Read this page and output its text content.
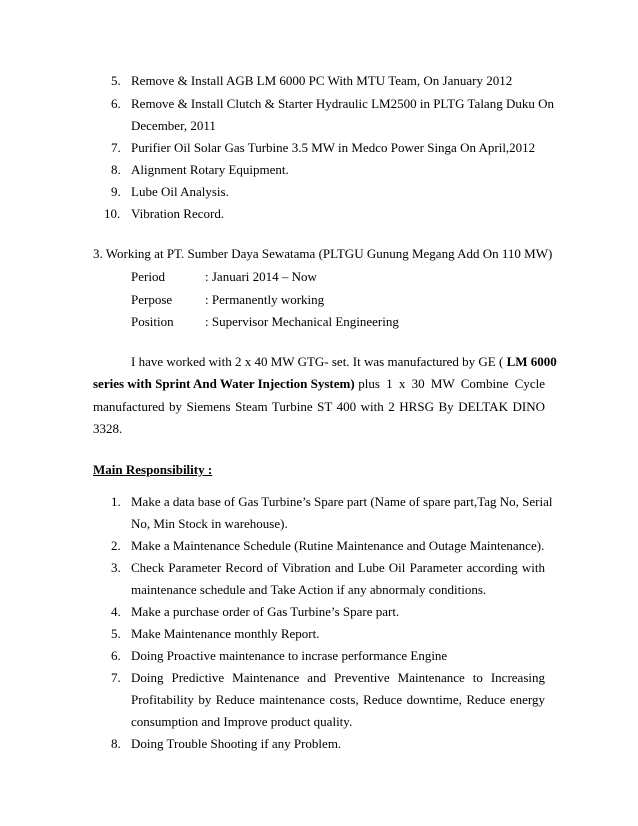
5. Remove & Install AGB LM 6000 PC With MTU Team, On January 2012
6. Remove & Install Clutch & Starter Hydraulic LM2500 in PLTG Talang Duku On
December, 2011
7. Purifier Oil Solar Gas Turbine 3.5 MW in Medco Power Singa On April,2012
8. Alignment Rotary Equipment.
9. Lube Oil Analysis.
10. Vibration Record.
3. Working at PT. Sumber Daya Sewatama (PLTGU Gunung Megang Add On 110 MW)
Period	: Januari 2014 – Now
Perpose	: Permanently working
Position : Supervisor Mechanical Engineering
I have worked with 2 x 40 MW GTG- set. It was manufactured by GE ( LM 6000
series with Sprint And Water Injection System) plus 1 x 30 MW Combine Cycle
manufactured by Siemens Steam Turbine ST 400 with 2 HRSG By DELTAK DINO
3328.
Main Responsibility :
1. Make a data base of Gas Turbine’s Spare part (Name of spare part,Tag No, Serial
No, Min Stock in warehouse).
2. Make a Maintenance Schedule (Rutine Maintenance and Outage Maintenance).
3. Check Parameter Record of Vibration and Lube Oil Parameter according with
maintenance schedule and Take Action if any abnormaly conditions.
4. Make a purchase order of Gas Turbine’s Spare part.
5. Make Maintenance monthly Report.
6. Doing Proactive maintenance to incrase performance Engine
7. Doing Predictive Maintenance and Preventive Maintenance to Increasing
Profitability by Reduce maintenance costs, Reduce downtime, Reduce energy
consumption and Improve product quality.
8. Doing Trouble Shooting if any Problem.
